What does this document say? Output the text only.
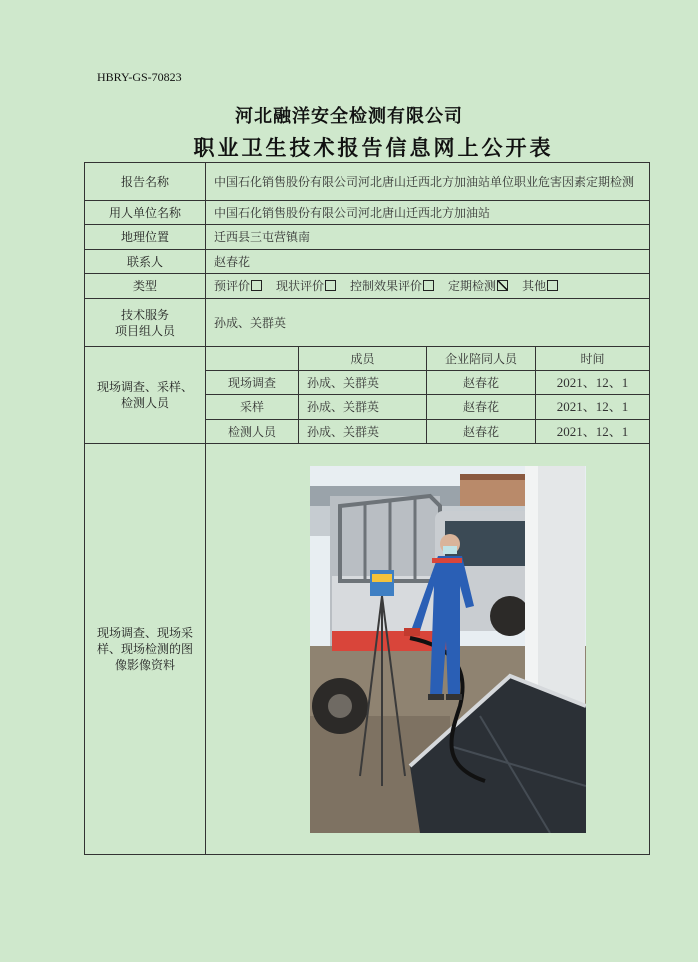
HBRY-GS-70823
河北融洋安全检测有限公司
职业卫生技术报告信息网上公开表
报告名称	中国石化销售股份有限公司河北唐山迁西北方加油站单位职业危害因素定期检测			
用人单位名称	中国石化销售股份有限公司河北唐山迁西北方加油站			
地理位置	迁西县三屯营镇南			
联系人	赵春花			
类型	预评价 现状评价 控制效果评价 定期检测 其他			

技术服务
项目组人员	孙成、关群英			

现场调查、采样、
检测人员		成员	企业陪同人员	时间
	现场调查	孙成、关群英	赵春花	2021、12、1
	采样	孙成、关群英	赵春花	2021、12、1
	检测人员	孙成、关群英	赵春花	2021、12、1

现场调查、现场采
样、现场检测的图
像影像资料
